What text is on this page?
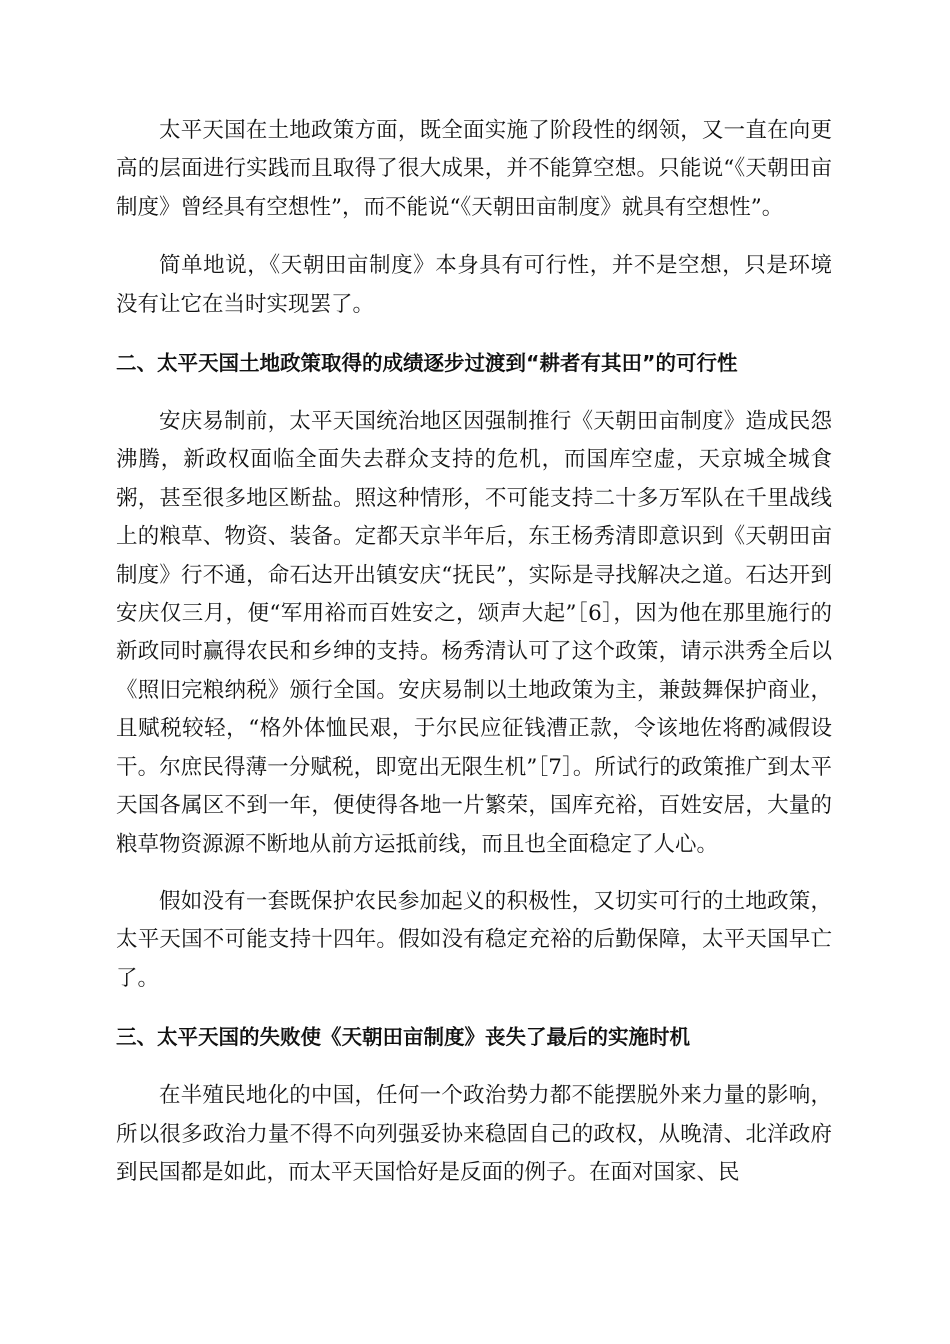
太平天国在土地政策方面，既全面实施了阶段性的纲领，又一直在向更高的层面进行实践而且取得了很大成果，并不能算空想。只能说“《天朝田亩制度》曾经具有空想性”，而不能说“《天朝田亩制度》就具有空想性”。

简单地说，《天朝田亩制度》本身具有可行性，并不是空想，只是环境没有让它在当时实现罢了。

二、太平天国土地政策取得的成绩逐步过渡到“耕者有其田”的可行性

安庆易制前，太平天国统治地区因强制推行《天朝田亩制度》造成民怨沸腾，新政权面临全面失去群众支持的危机，而国库空虚，天京城全城食粥，甚至很多地区断盐。照这种情形，不可能支持二十多万军队在千里战线上的粮草、物资、装备。定都天京半年后，东王杨秀清即意识到《天朝田亩制度》行不通，命石达开出镇安庆“抚民”，实际是寻找解决之道。石达开到安庆仅三月，便“军用裕而百姓安之，颂声大起”［6］，因为他在那里施行的新政同时赢得农民和乡绅的支持。杨秀清认可了这个政策，请示洪秀全后以《照旧完粮纳税》颁行全国。安庆易制以土地政策为主，兼鼓舞保护商业，且赋税较轻，“格外体恤民艰，于尔民应征钱漕正款，令该地佐将酌减假设干。尔庶民得薄一分赋税，即宽出无限生机”［7］。所试行的政策推广到太平天国各属区不到一年，便使得各地一片繁荣，国库充裕，百姓安居，大量的粮草物资源源不断地从前方运抵前线，而且也全面稳定了人心。

假如没有一套既保护农民参加起义的积极性，又切实可行的土地政策，太平天国不可能支持十四年。假如没有稳定充裕的后勤保障，太平天国早亡了。

三、太平天国的失败使《天朝田亩制度》丧失了最后的实施时机

在半殖民地化的中国，任何一个政治势力都不能摆脱外来力量的影响，所以很多政治力量不得不向列强妥协来稳固自己的政权，从晚清、北洋政府到民国都是如此，而太平天国恰好是反面的例子。在面对国家、民
